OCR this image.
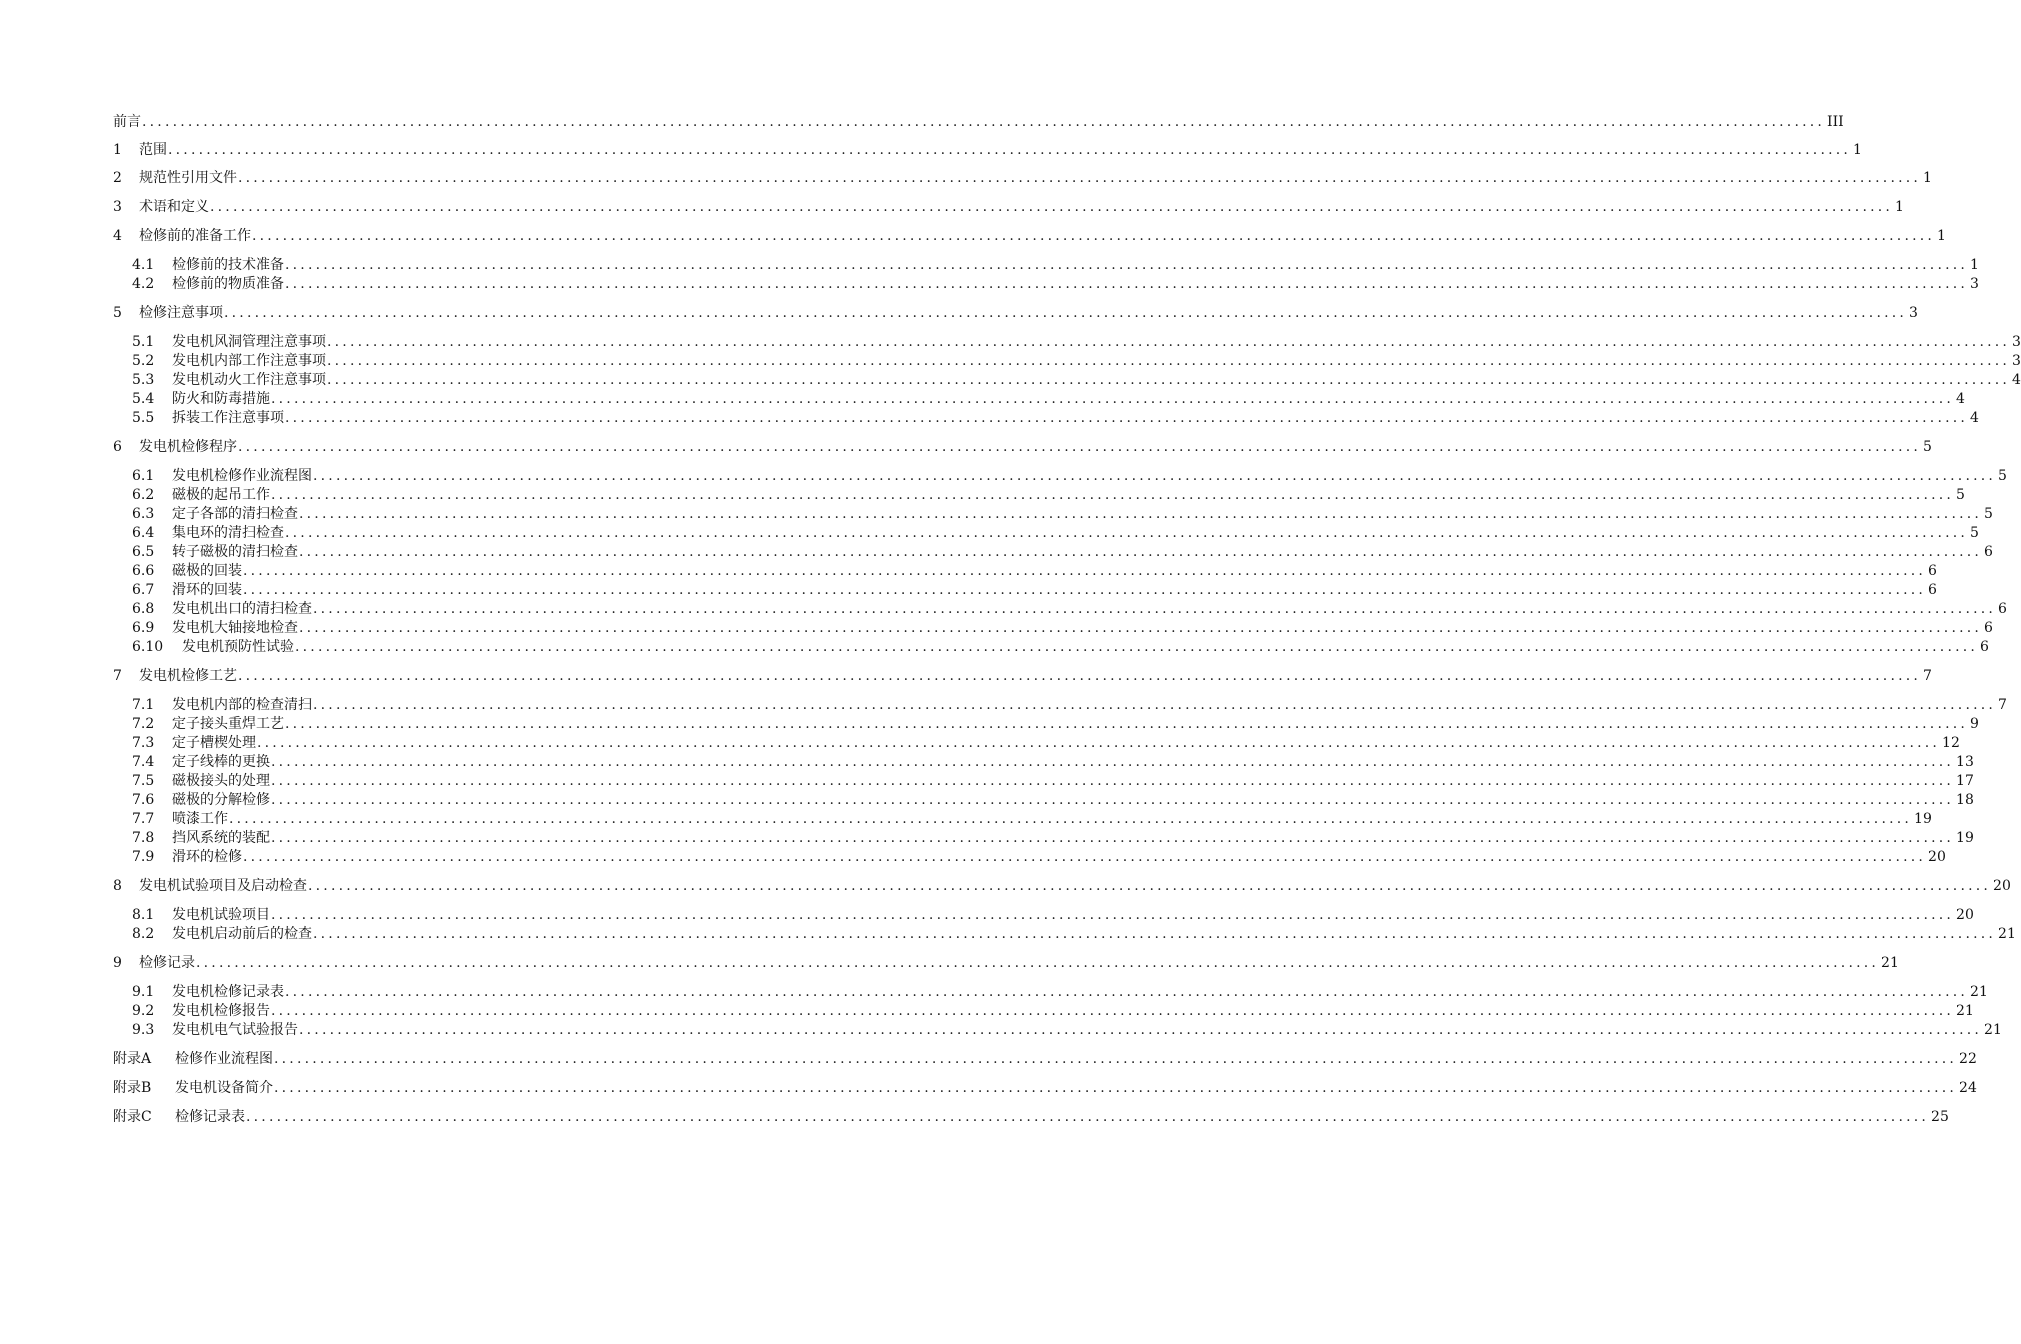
前言 ............................................................................................................................................................................................................................ III
1	范围 ............................................................................................................................................................................................................................ 1
2	规范性引用文件 ............................................................................................................................................................................................................................ 1
3	术语和定义 ............................................................................................................................................................................................................................ 1
4	检修前的准备工作 ............................................................................................................................................................................................................................ 1
4.1	检修前的技术准备 ............................................................................................................................................................................................................................ 1
4.2	检修前的物质准备 ............................................................................................................................................................................................................................ 3
5	检修注意事项 ............................................................................................................................................................................................................................ 3
5.1	发电机风洞管理注意事项 ............................................................................................................................................................................................................................ 3
5.2	发电机内部工作注意事项 ............................................................................................................................................................................................................................ 3
5.3	发电机动火工作注意事项 ............................................................................................................................................................................................................................ 4
5.4	防火和防毒措施 ............................................................................................................................................................................................................................ 4
5.5	拆装工作注意事项 ............................................................................................................................................................................................................................ 4
6	发电机检修程序 ............................................................................................................................................................................................................................ 5
6.1	发电机检修作业流程图 ............................................................................................................................................................................................................................ 5
6.2	磁极的起吊工作 ............................................................................................................................................................................................................................ 5
6.3	定子各部的清扫检查 ............................................................................................................................................................................................................................ 5
6.4	集电环的清扫检查 ............................................................................................................................................................................................................................ 5
6.5	转子磁极的清扫检查 ............................................................................................................................................................................................................................ 6
6.6	磁极的回装 ............................................................................................................................................................................................................................ 6
6.7	滑环的回装 ............................................................................................................................................................................................................................ 6
6.8	发电机出口的清扫检查 ............................................................................................................................................................................................................................ 6
6.9	发电机大轴接地检查 ............................................................................................................................................................................................................................ 6
6.10	发电机预防性试验 ............................................................................................................................................................................................................................ 6
7	发电机检修工艺 ............................................................................................................................................................................................................................ 7
7.1	发电机内部的检查清扫 ............................................................................................................................................................................................................................ 7
7.2	定子接头重焊工艺 ............................................................................................................................................................................................................................ 9
7.3	定子槽楔处理 ............................................................................................................................................................................................................................ 12
7.4	定子线棒的更换 ............................................................................................................................................................................................................................ 13
7.5	磁极接头的处理 ............................................................................................................................................................................................................................ 17
7.6	磁极的分解检修 ............................................................................................................................................................................................................................ 18
7.7	喷漆工作 ............................................................................................................................................................................................................................ 19
7.8	挡风系统的装配 ............................................................................................................................................................................................................................ 19
7.9	滑环的检修 ............................................................................................................................................................................................................................ 20
8	发电机试验项目及启动检查 ............................................................................................................................................................................................................................ 20
8.1	发电机试验项目 ............................................................................................................................................................................................................................ 20
8.2	发电机启动前后的检查 ............................................................................................................................................................................................................................ 21
9	检修记录 ............................................................................................................................................................................................................................ 21
9.1	发电机检修记录表 ............................................................................................................................................................................................................................ 21
9.2	发电机检修报告 ............................................................................................................................................................................................................................ 21
9.3	发电机电气试验报告 ............................................................................................................................................................................................................................ 21
附录A	检修作业流程图 ............................................................................................................................................................................................................................ 22
附录B	发电机设备简介 ............................................................................................................................................................................................................................ 24
附录C	检修记录表 ............................................................................................................................................................................................................................ 25
